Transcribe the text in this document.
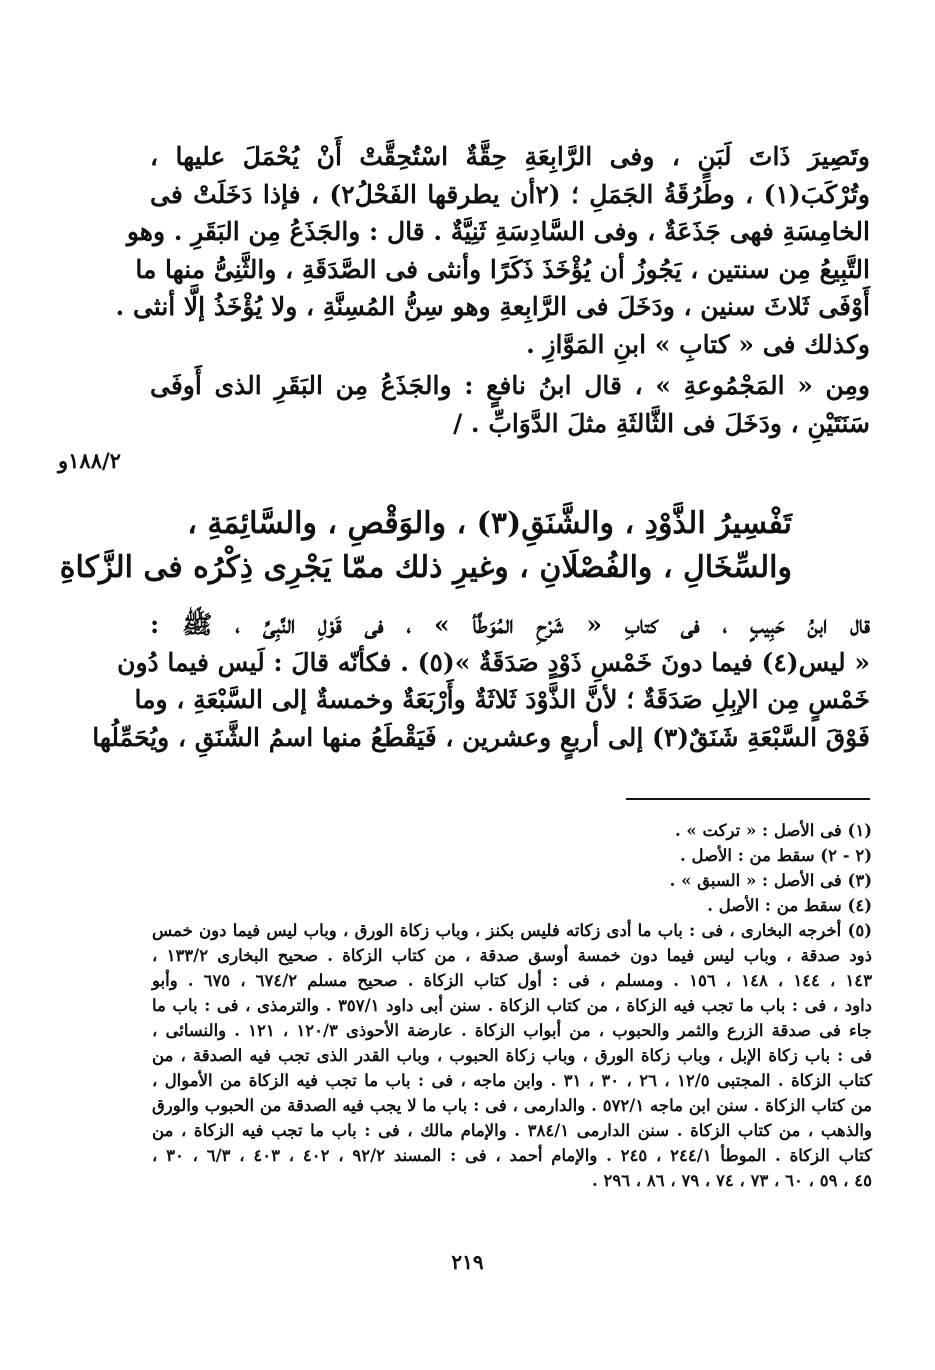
وتَصِيرَ ذَاتَ لَبَنٍ ، وفى الرَّابِعَةِ حِقَّةٌ اسْتُحِقَّتْ أَنْ يُحْمَلَ عليها ،
وتُرْكَبَ(١) ، وطَرُقَةُ الجَمَلِ ؛ (٢أن يطرقها الفَحْلُ٢) ، فإذا دَخَلَتْ فى
الخامِسَةِ فهى جَذَعَةٌ ، وفى السَّادِسَةِ ثَنِيَّةٌ . قال : والجَذَعُ مِن البَقَرِ . وهو
التَّبِيعُ مِن سنتين ، يَجُوزُ أن يُؤْخَذَ ذَكَرًا وأنثى فى الصَّدَقَةِ ، والثَّنِىُّ منها ما
أَوْفَى ثَلاثَ سنين ، ودَخَلَ فى الرَّابِعةِ وهو سِنُّ المُسِنَّةِ ، ولا يُؤْخَذُ إلَّا أنثى .
وكذلك فى « كتابِ » ابنِ المَوَّازِ .
ومِن « المَجْمُوعةِ » ، قال ابنُ نافعٍ : والجَذَعُ مِن البَقَرِ الذى أَوفَى
سَنَتَيْنِ ، ودَخَلَ فى الثَّالثَةِ مثلَ الدَّوَابِّ . /
١٨٨/٢و
تَفْسِيرُ الذَّوْدِ ، والشَّنَقِ(٣) ، والوَقْصِ ، والسَّائِمَةِ ،
والسِّخَالِ ، والفُصْلَانِ ، وغيرِ ذلك ممّا يَجْرِى ذِكْرُه فى الزَّكاةِ
قال ابنُ حَبِيبٍ ، فى كتابِ « شَرْحِ المُوَطَّأ » ، فى قَوْلِ النَّبِىِّ ، ﷺ :
« ليس(٤) فيما دونَ خَمْسِ ذَوْدٍ صَدَقَةٌ »(٥) . فكأنّه قالَ : لَيس فيما دُون
خَمْسٍ مِن الإبِلِ صَدَقَةٌ ؛ لأنَّ الذَّوْدَ ثَلاثَةٌ وأَرْبَعَةٌ وخمسةٌ إلى السَّبْعَةِ ، وما
فَوْقَ السَّبْعَةِ شَنَقٌ(٣) إلى أربعٍ وعشرين ، فَيَقْطَعُ منها اسمُ الشَّنَقِ ، ويُحَمِّلُها
(١) فى الأصل : « تركت » .
(٢ - ٢) سقط من : الأصل .
(٣) فى الأصل : « السبق » .
(٤) سقط من : الأصل .
(٥) أخرجه البخارى ، فى : باب ما أدى زكاته فليس بكنز ، وباب زكاة الورق ، وباب ليس فيما دون خمس
ذود صدقة ، وباب ليس فيما دون خمسة أوسق صدقة ، من كتاب الزكاة . صحيح البخارى ١٣٣/٢ ،
١٤٣ ، ١٤٤ ، ١٤٨ ، ١٥٦ . ومسلم ، فى : أول كتاب الزكاة . صحيح مسلم ٦٧٤/٢ ، ٦٧٥ . وأبو
داود ، فى : باب ما تجب فيه الزكاة ، من كتاب الزكاة . سنن أبى داود ٣٥٧/١ . والترمذى ، فى : باب ما
جاء فى صدقة الزرع والثمر والحبوب ، من أبواب الزكاة . عارضة الأحوذى ١٢٠/٣ ، ١٢١ . والنسائى ،
فى : باب زكاة الإبل ، وباب زكاة الورق ، وباب زكاة الحبوب ، وباب القدر الذى تجب فيه الصدقة ، من
كتاب الزكاة . المجتبى ١٢/٥ ، ٢٦ ، ٣٠ ، ٣١ . وابن ماجه ، فى : باب ما تجب فيه الزكاة من الأموال ،
من كتاب الزكاة . سنن ابن ماجه ٥٧٢/١ . والدارمى ، فى : باب ما لا يجب فيه الصدقة من الحبوب والورق
والذهب ، من كتاب الزكاة . سنن الدارمى ٣٨٤/١ . والإمام مالك ، فى : باب ما تجب فيه الزكاة ، من
كتاب الزكاة . الموطأ ٢٤٤/١ ، ٢٤٥ . والإمام أحمد ، فى : المسند ٩٢/٢ ، ٤٠٢ ، ٤٠٣ ، ٦/٣ ، ٣٠ ،
٤٥ ، ٥٩ ، ٦٠ ، ٧٣ ، ٧٤ ، ٧٩ ، ٨٦ ، ٢٩٦ .
٢١٩
